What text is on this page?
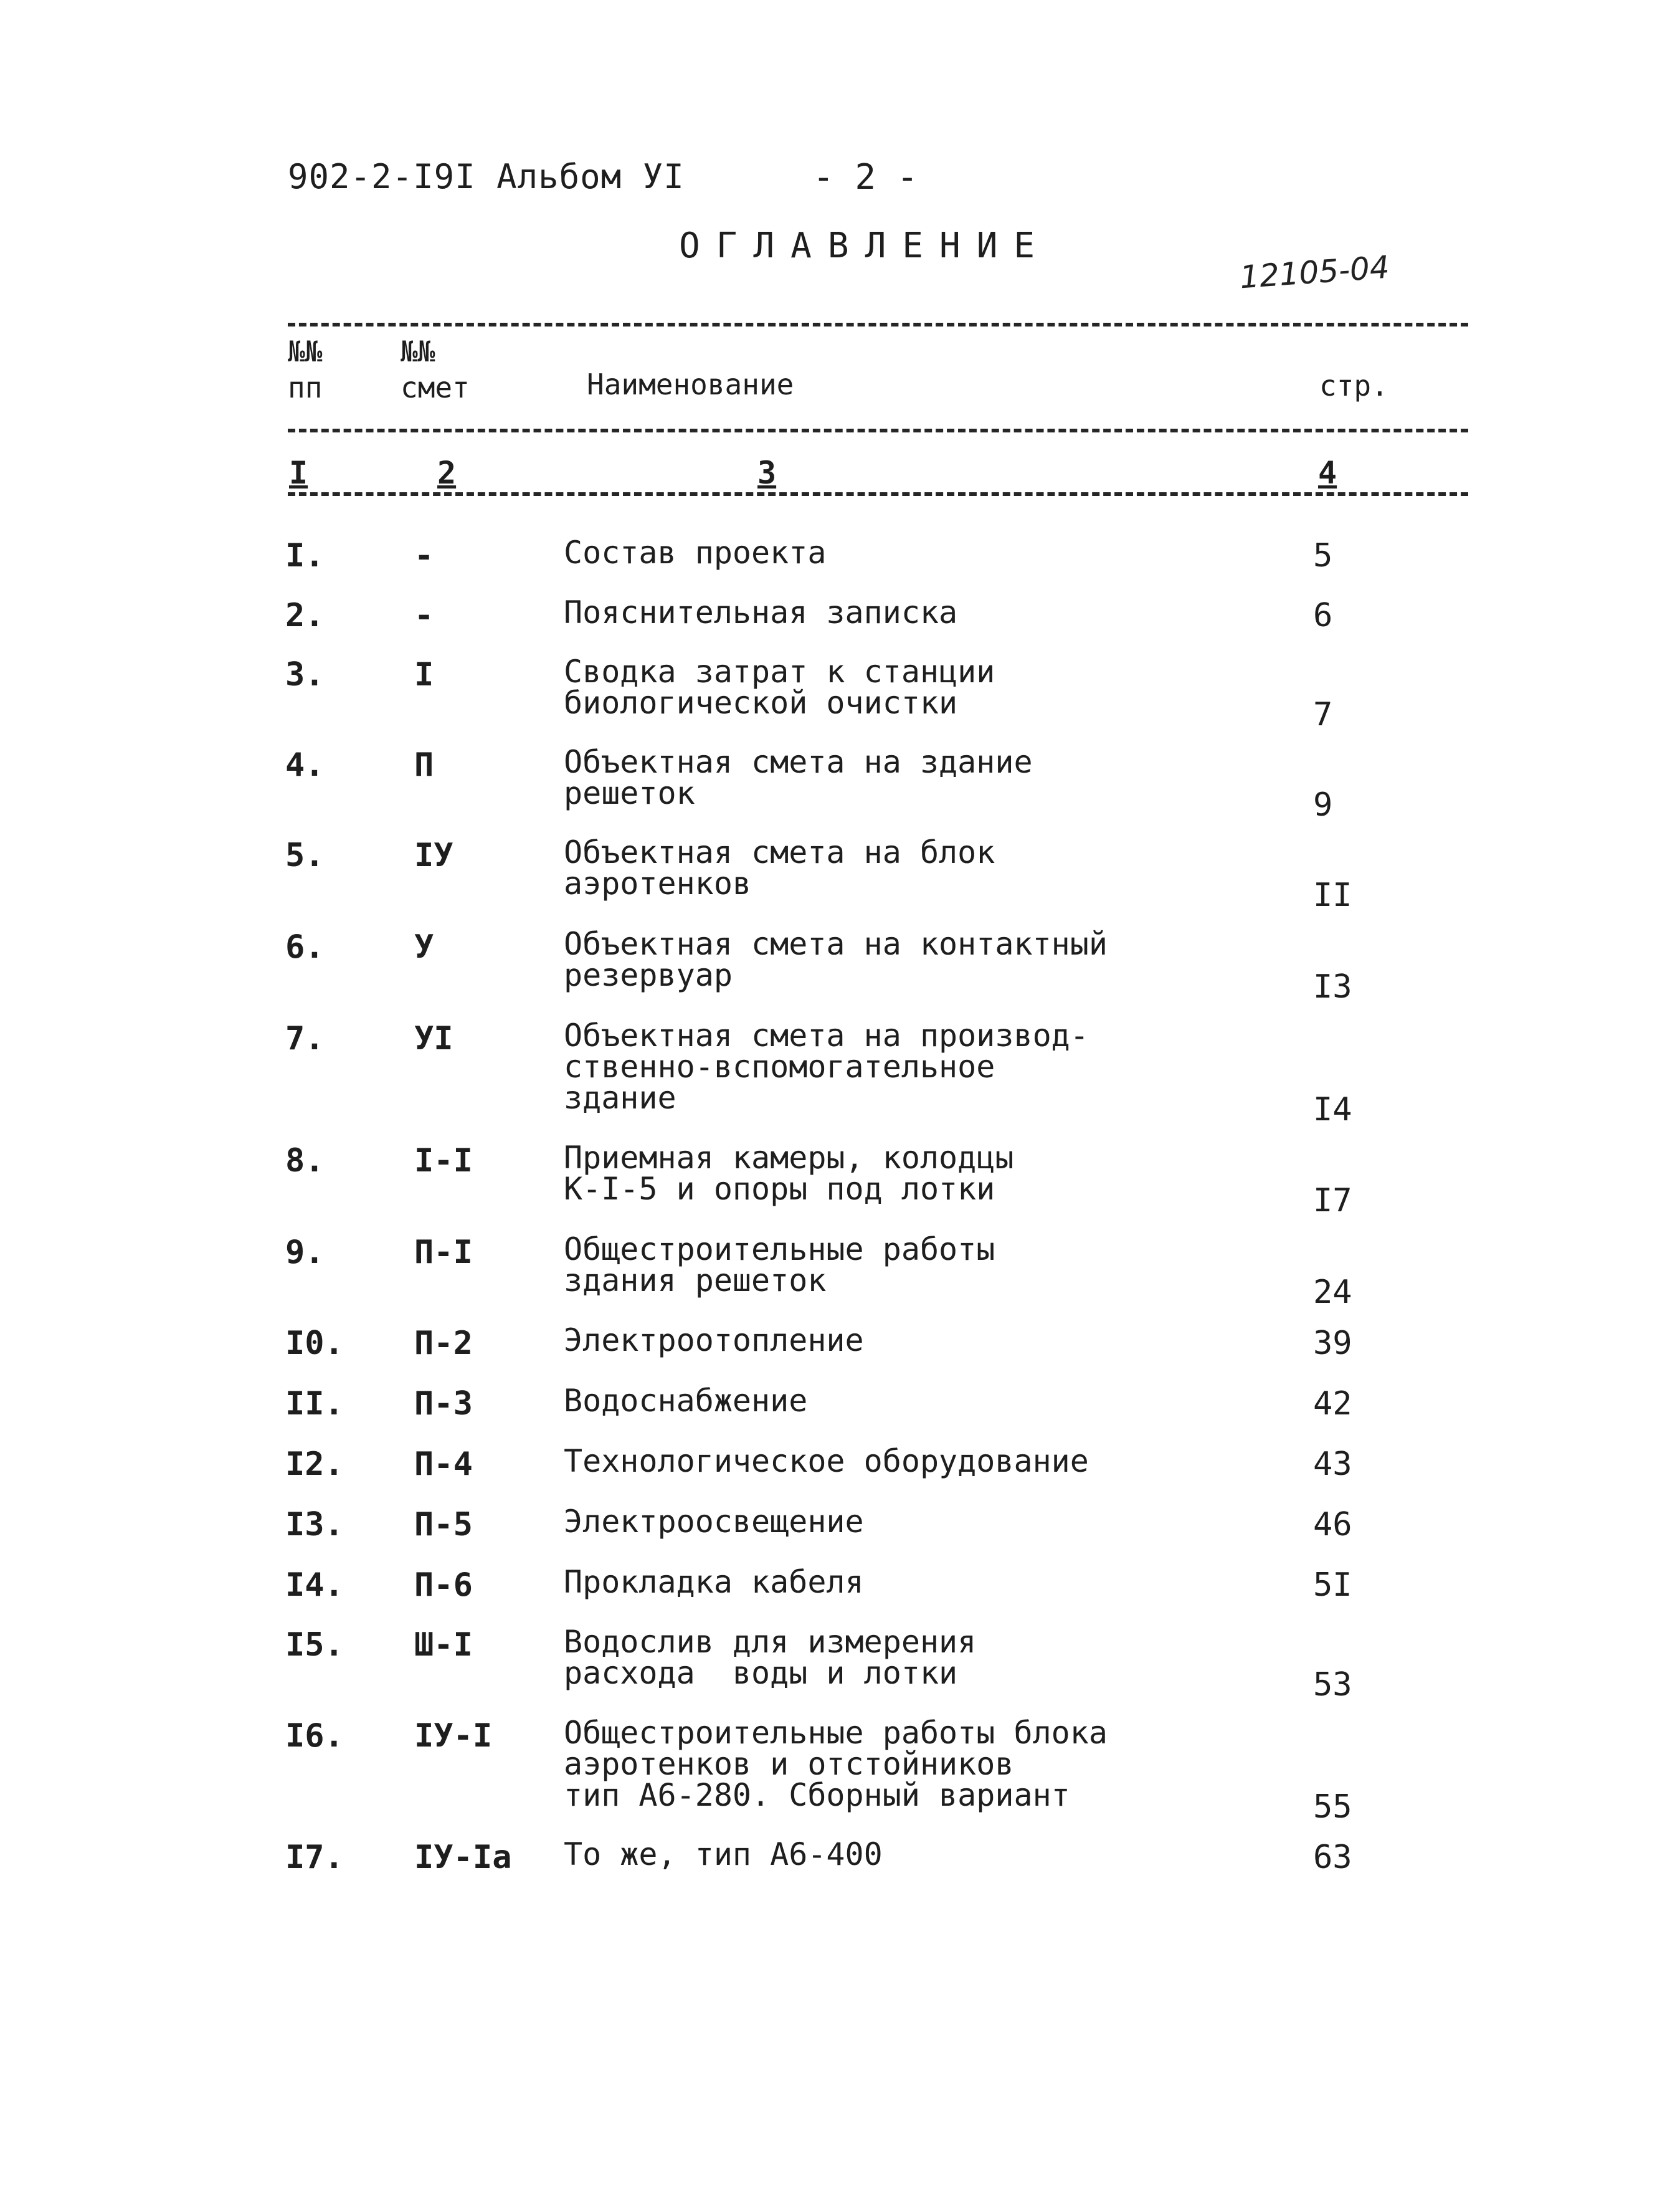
902-2-I9I Альбом УI	- 2 -
ОГЛАВЛЕНИЕ
12105-04
№№
пп
№№
смет	Наименование	стр.
I	2	3	4
I.	-	Состав проекта	5
2.	-	Пояснительная записка	6
3.	I	Сводка затрат к станции
биологической очистки	7
4.	П	Объектная смета на здание
решеток	9
5.	IУ	Объектная смета на блок
аэротенков	II
6.	У	Объектная смета на контактный
резервуар	I3
7.	УI	Объектная смета на производ-
ственно-вспомогательное
здание	I4
8.	I-I	Приемная камеры, колодцы
К-I-5 и опоры под лотки	I7
9.	П-I	Общестроительные работы
здания решеток	24
I0. П-2	Электроотопление	39
II. П-3	Водоснабжение	42
I2. П-4	Технологическое оборудование	43
I3. П-5	Электроосвещение	46
I4. П-6	Прокладка кабеля	5I
I5. Ш-I	Водослив для измерения
расхода  воды и лотки	53
I6. IУ-I Общестроительные работы блока
аэротенков и отстойников
тип А6-280. Сборный вариант	55
I7. IУ-Iа То же, тип А6-400	63
